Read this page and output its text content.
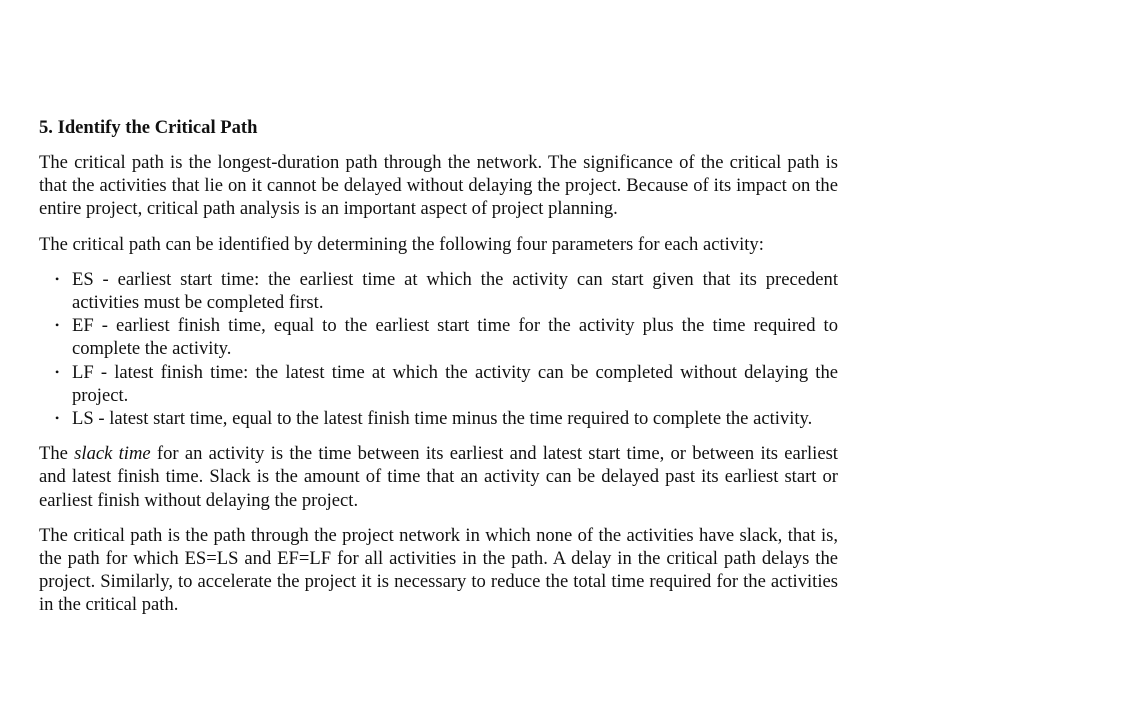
5. Identify the Critical Path

The critical path is the longest-duration path through the network. The significance of the critical path is that the activities that lie on it cannot be delayed without delaying the project. Because of its impact on the entire project, critical path analysis is an important aspect of project planning.

The critical path can be identified by determining the following four parameters for each activity:

• ES - earliest start time: the earliest time at which the activity can start given that its precedent activities must be completed first.
• EF - earliest finish time, equal to the earliest start time for the activity plus the time required to complete the activity.
• LF - latest finish time: the latest time at which the activity can be completed without delaying the project.
• LS - latest start time, equal to the latest finish time minus the time required to complete the activity.

The slack time for an activity is the time between its earliest and latest start time, or between its earliest and latest finish time. Slack is the amount of time that an activity can be delayed past its earliest start or earliest finish without delaying the project.

The critical path is the path through the project network in which none of the activities have slack, that is, the path for which ES=LS and EF=LF for all activities in the path. A delay in the critical path delays the project. Similarly, to accelerate the project it is necessary to reduce the total time required for the activities in the critical path.
